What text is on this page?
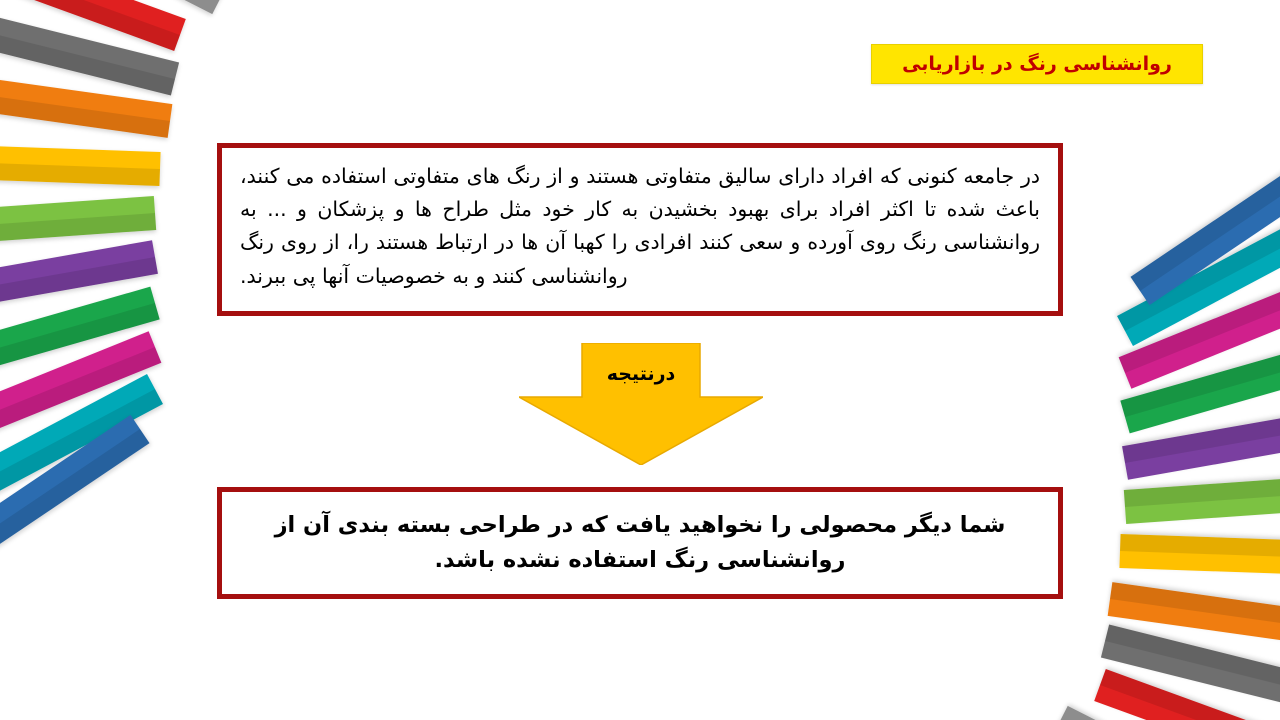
روانشناسی رنگ در بازاریابی

در جامعه کنونی که افراد دارای سالیق متفاوتی هستند و از رنگ های متفاوتی استفاده می کنند، باعث شده تا اکثر افراد برای بهبود بخشیدن به کار خود مثل طراح ها و پزشکان و ... به روانشناسی رنگ روی آورده و سعی کنند افرادی را کهبا آن ها در ارتباط هستند را، از روی رنگ روانشناسی کنند و به خصوصیات آنها پی ببرند.

درنتیجه

شما دیگر محصولی را نخواهید یافت که در طراحی بسته بندی آن از روانشناسی رنگ استفاده نشده باشد.
